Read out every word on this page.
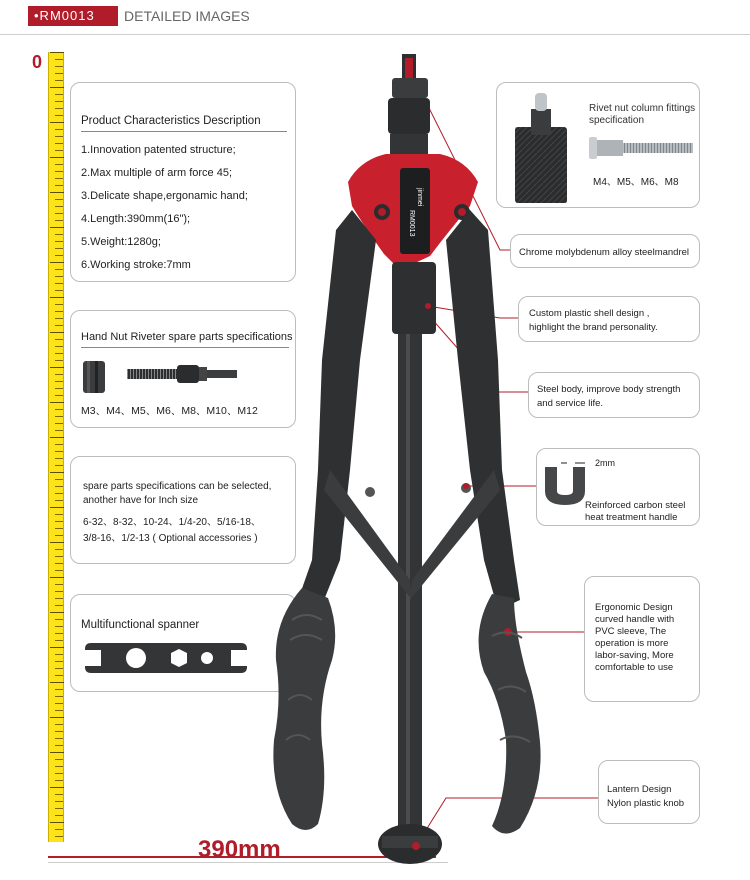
•RM0013	DETAILED IMAGES
0
390mm
Product Characteristics Description
1.Innovation patented structure;
2.Max multiple of arm force 45;
3.Delicate shape,ergonamic hand;
4.Length:390mm(16");
5.Weight:1280g;
6.Working stroke:7mm
Hand Nut Riveter spare parts specifications
M3、M4、M5、M6、M8、M10、M12
spare parts specifications can be selected,
another have for Inch size
6-32、8-32、10-24、1/4-20、5/16-18、
3/8-16、1/2-13 ( Optional accessories )
Multifunctional spanner
Rivet nut column fittings
specification
M4、M5、M6、M8
Chrome molybdenum alloy steelmandrel
Custom plastic shell design ,
highlight the brand personality.
Steel body, improve body strength
and service life.
2mm
Reinforced carbon steel
heat treatment handle
Ergonomic Design
curved handle with
PVC sleeve, The
operation is more
labor-saving, More
comfortable to use
Lantern Design
Nylon plastic knob
jinmei
RM0013
